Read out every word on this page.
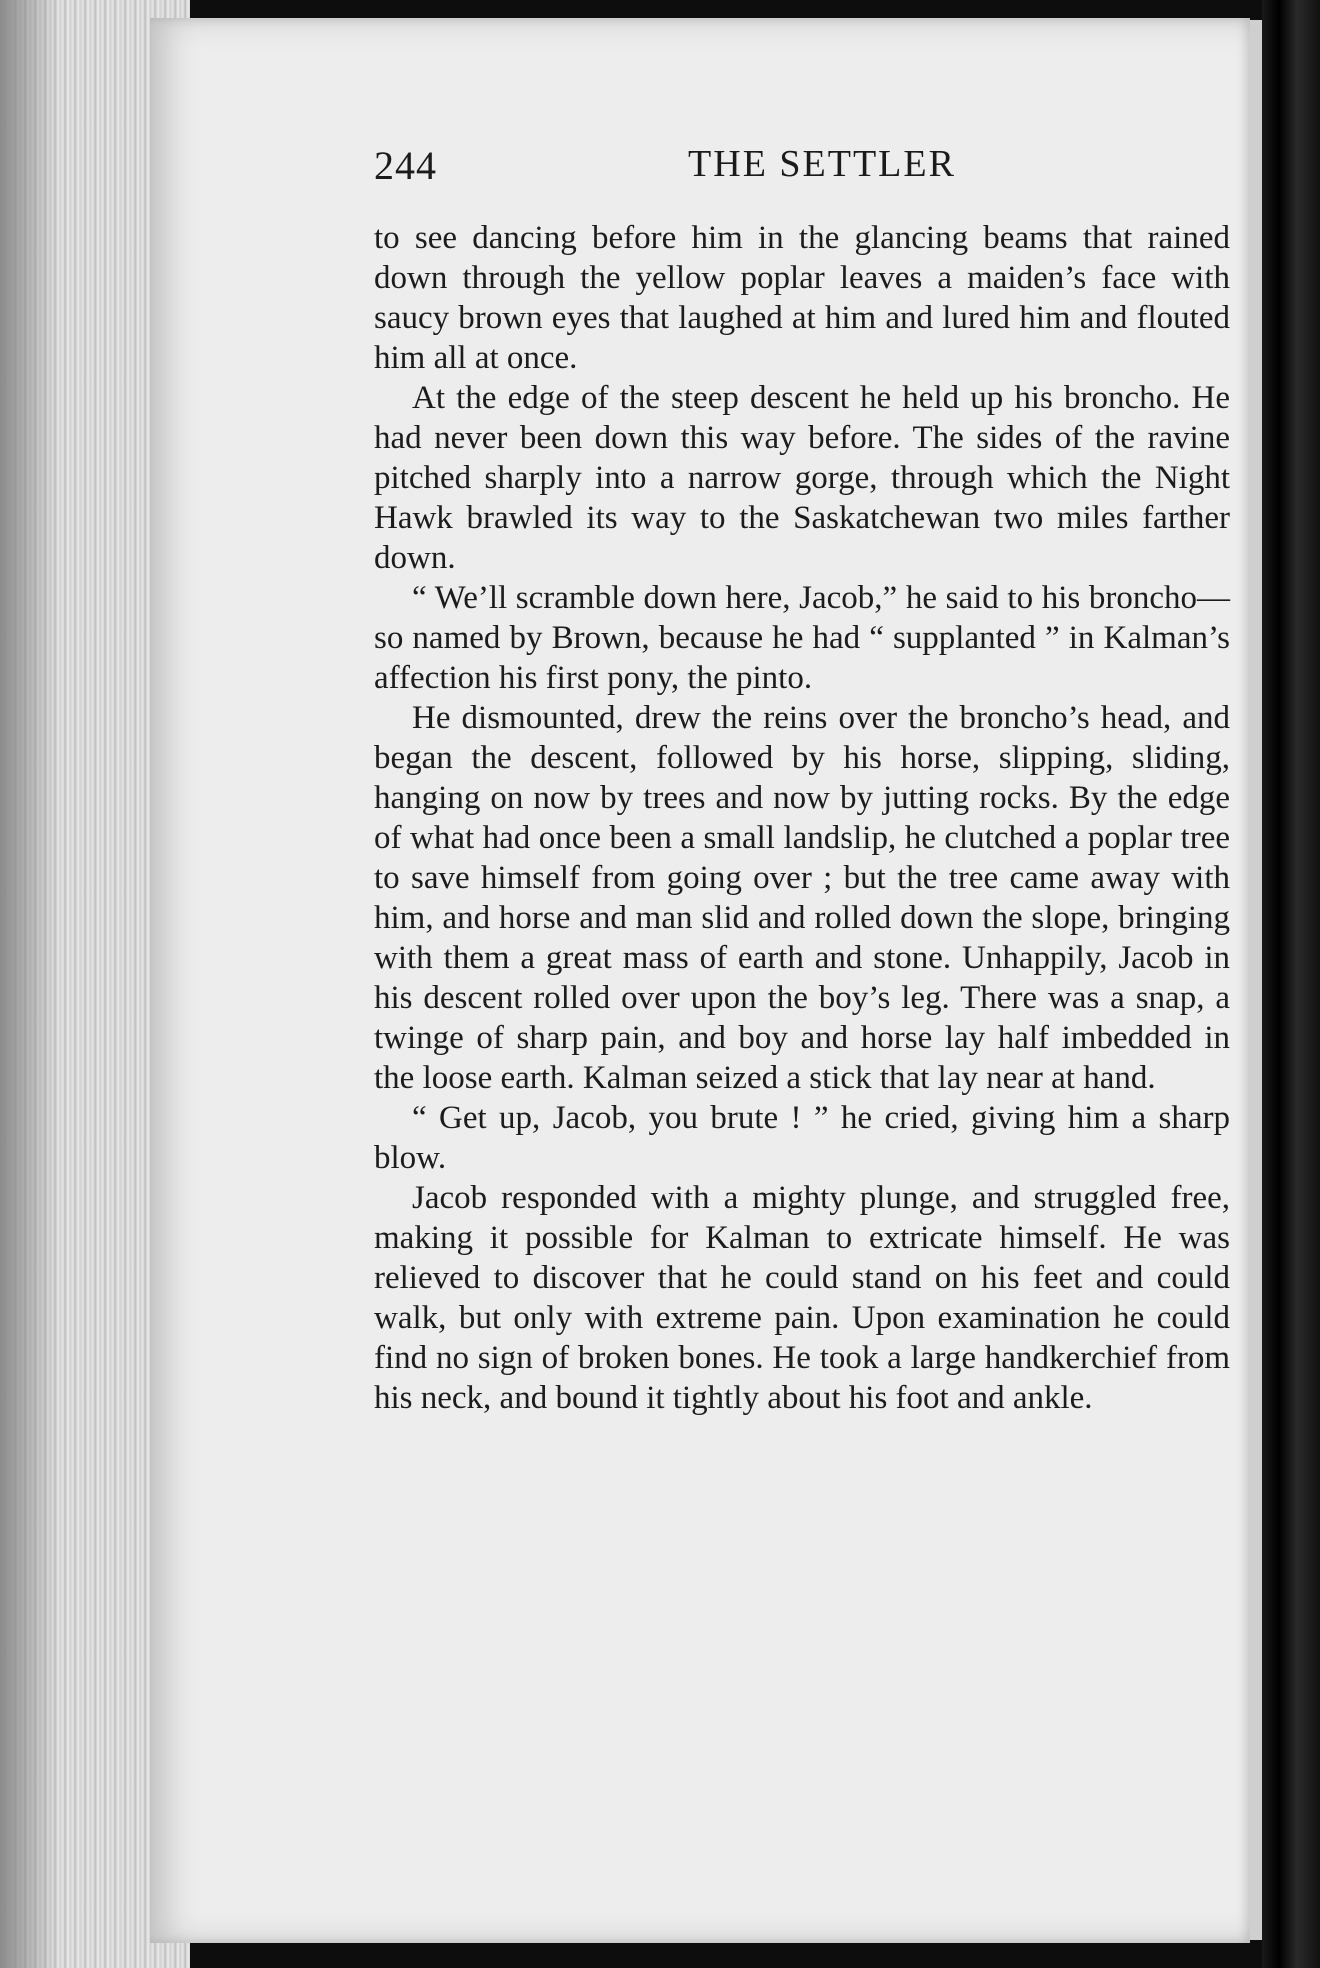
244	THE SETTLER

to see dancing before him in the glancing beams that rained down through the yellow poplar leaves a maiden’s face with saucy brown eyes that laughed at him and lured him and flouted him all at once.

At the edge of the steep descent he held up his broncho. He had never been down this way before. The sides of the ravine pitched sharply into a narrow gorge, through which the Night Hawk brawled its way to the Saskatchewan two miles farther down.

“ We’ll scramble down here, Jacob,” he said to his broncho—so named by Brown, because he had “ supplanted ” in Kalman’s affection his first pony, the pinto.

He dismounted, drew the reins over the broncho’s head, and began the descent, followed by his horse, slipping, sliding, hanging on now by trees and now by jutting rocks. By the edge of what had once been a small landslip, he clutched a poplar tree to save himself from going over ; but the tree came away with him, and horse and man slid and rolled down the slope, bringing with them a great mass of earth and stone. Unhappily, Jacob in his descent rolled over upon the boy’s leg. There was a snap, a twinge of sharp pain, and boy and horse lay half imbedded in the loose earth. Kalman seized a stick that lay near at hand.

“ Get up, Jacob, you brute ! ” he cried, giving him a sharp blow.

Jacob responded with a mighty plunge, and struggled free, making it possible for Kalman to extricate himself. He was relieved to discover that he could stand on his feet and could walk, but only with extreme pain. Upon examination he could find no sign of broken bones. He took a large handkerchief from his neck, and bound it tightly about his foot and ankle.
